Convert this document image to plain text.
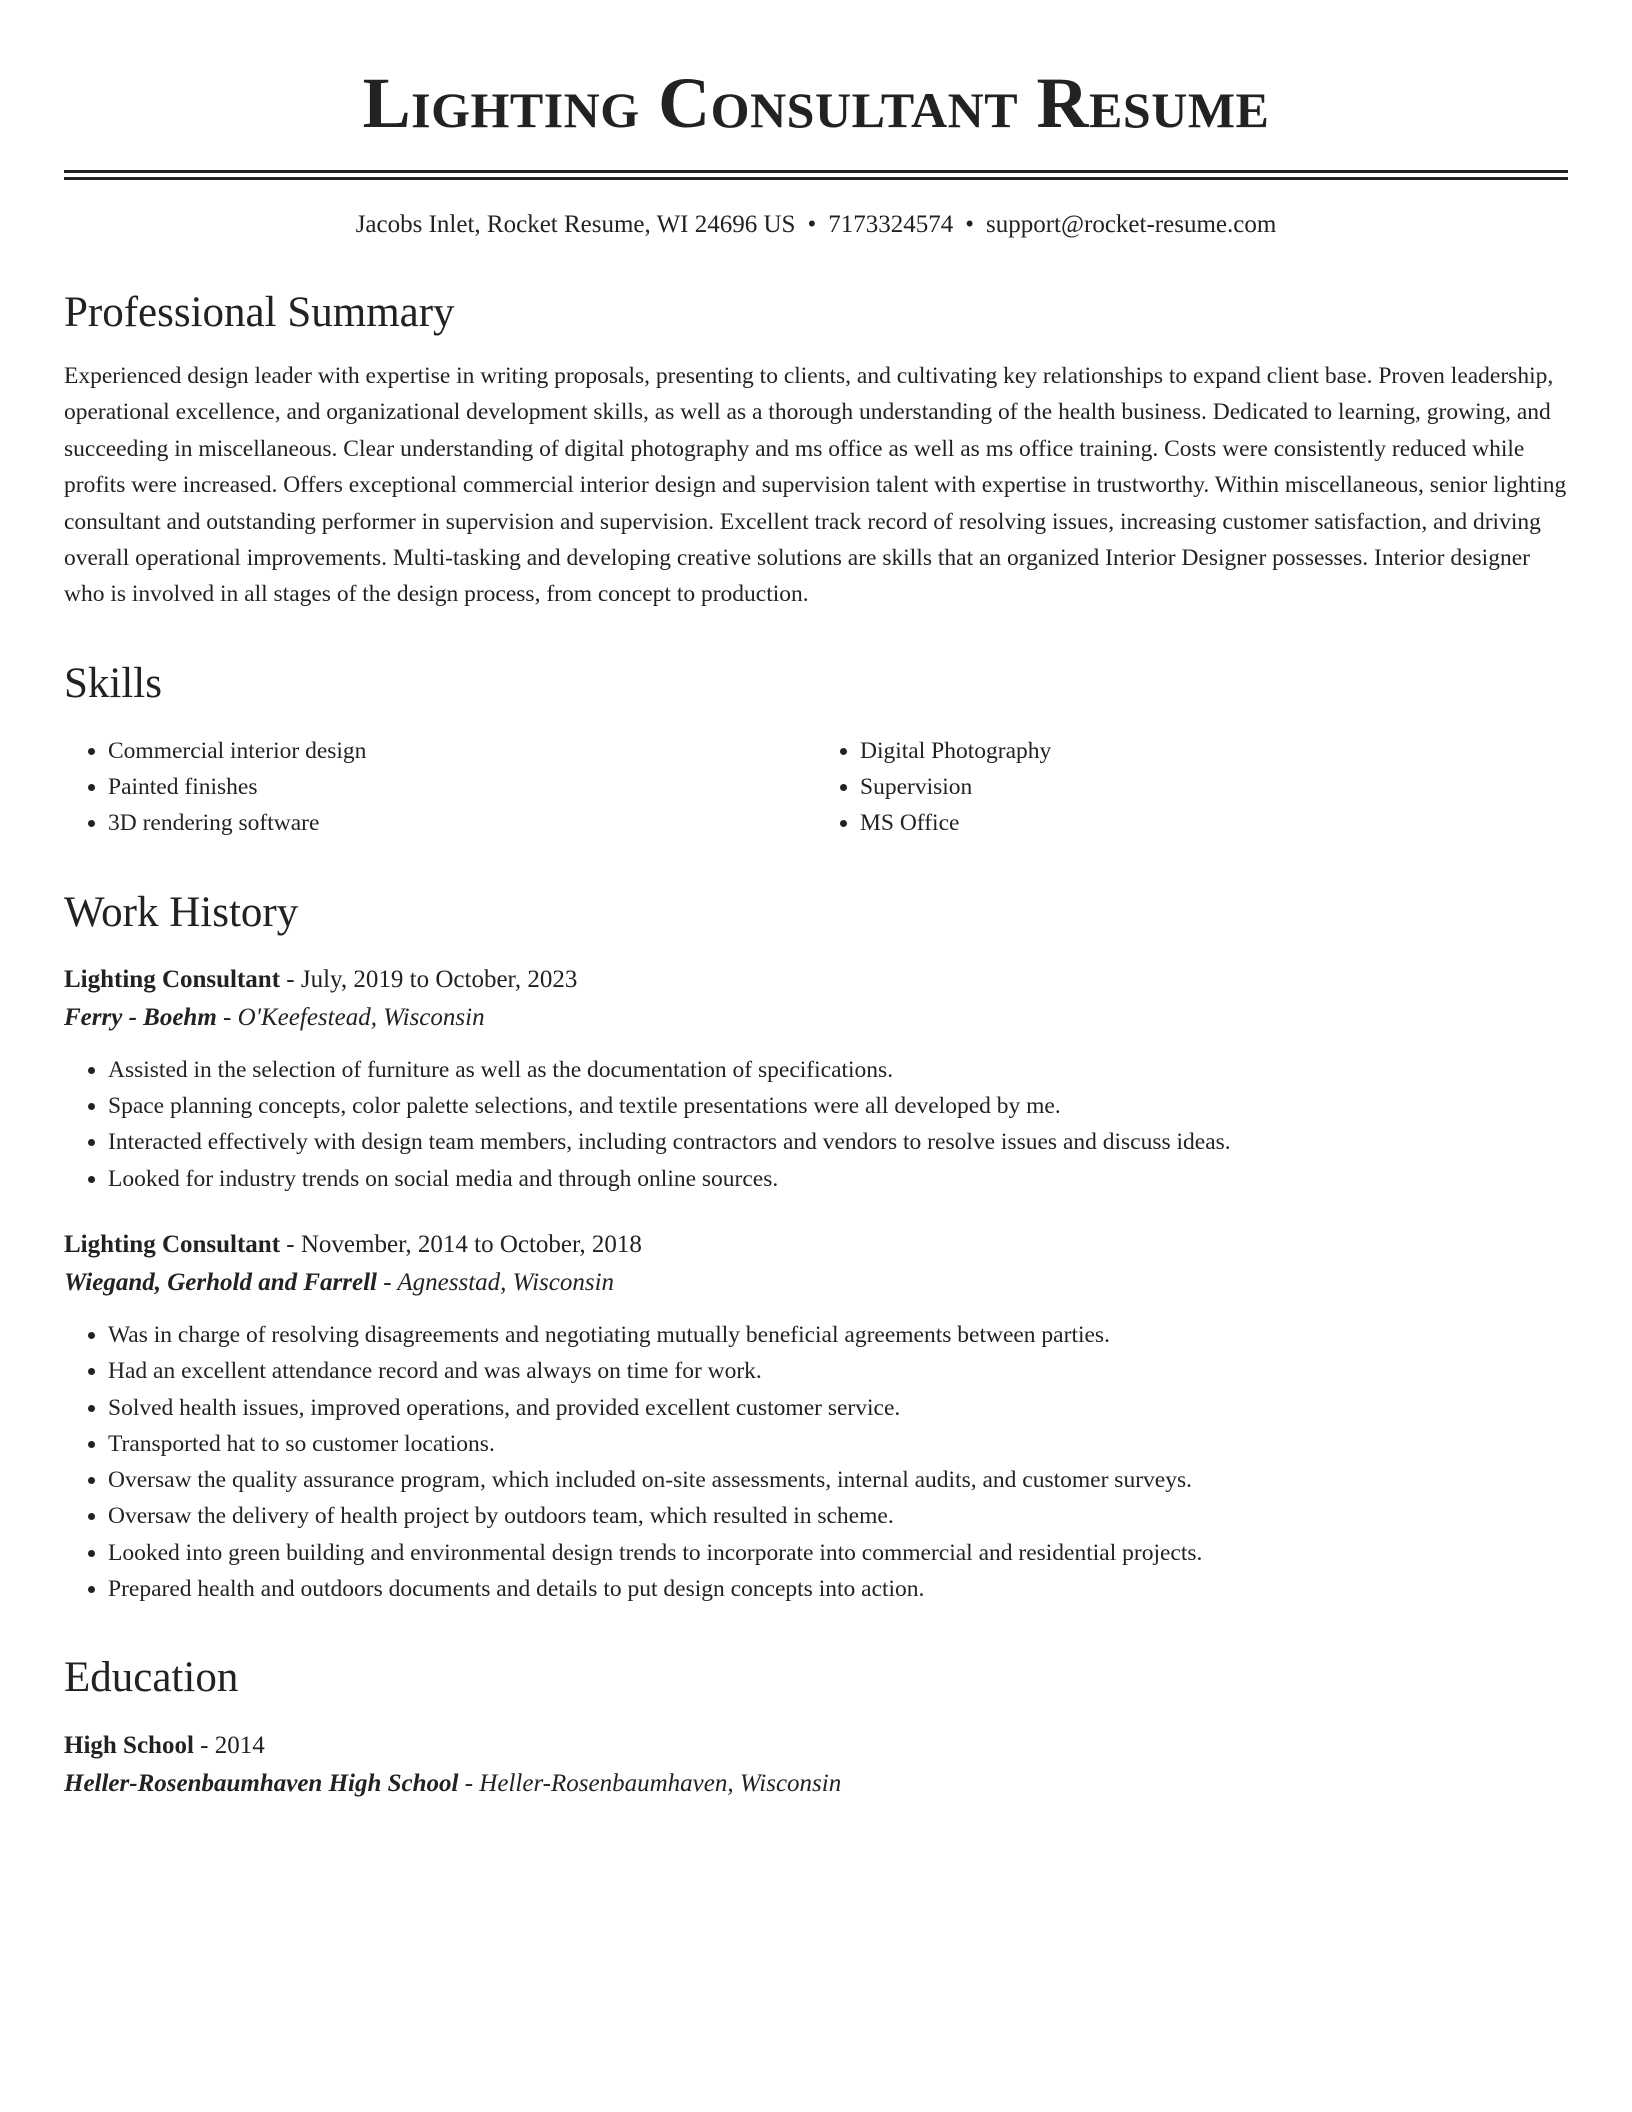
Lighting Consultant Resume
Jacobs Inlet, Rocket Resume, WI 24696 US • 7173324574 • support@rocket-resume.com
Professional Summary

Experienced design leader with expertise in writing proposals, presenting to clients, and cultivating key relationships to expand client base. Proven leadership, operational excellence, and organizational development skills, as well as a thorough understanding of the health business. Dedicated to learning, growing, and succeeding in miscellaneous. Clear understanding of digital photography and ms office as well as ms office training. Costs were consistently reduced while profits were increased. Offers exceptional commercial interior design and supervision talent with expertise in trustworthy. Within miscellaneous, senior lighting consultant and outstanding performer in supervision and supervision. Excellent track record of resolving issues, increasing customer satisfaction, and driving overall operational improvements. Multi-tasking and developing creative solutions are skills that an organized Interior Designer possesses. Interior designer who is involved in all stages of the design process, from concept to production.

Skills
• Commercial interior design
• Painted finishes
• 3D rendering software
• Digital Photography
• Supervision
• MS Office
Work History
Lighting Consultant - July, 2019 to October, 2023
Ferry - Boehm - O'Keefestead, Wisconsin
• Assisted in the selection of furniture as well as the documentation of specifications.
• Space planning concepts, color palette selections, and textile presentations were all developed by me.
• Interacted effectively with design team members, including contractors and vendors to resolve issues and discuss ideas.
• Looked for industry trends on social media and through online sources.
Lighting Consultant - November, 2014 to October, 2018
Wiegand, Gerhold and Farrell - Agnesstad, Wisconsin
• Was in charge of resolving disagreements and negotiating mutually beneficial agreements between parties.
• Had an excellent attendance record and was always on time for work.
• Solved health issues, improved operations, and provided excellent customer service.
• Transported hat to so customer locations.
• Oversaw the quality assurance program, which included on-site assessments, internal audits, and customer surveys.
• Oversaw the delivery of health project by outdoors team, which resulted in scheme.
• Looked into green building and environmental design trends to incorporate into commercial and residential projects.
• Prepared health and outdoors documents and details to put design concepts into action.
Education
High School - 2014
Heller-Rosenbaumhaven High School - Heller-Rosenbaumhaven, Wisconsin
